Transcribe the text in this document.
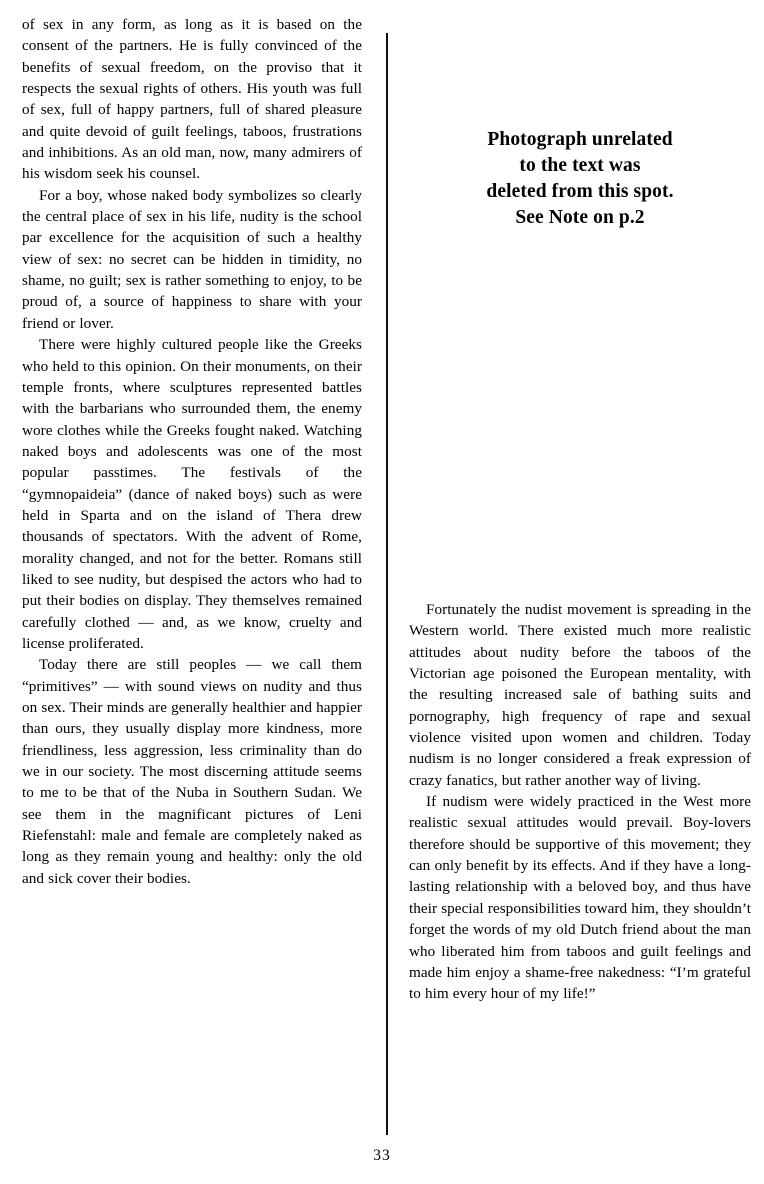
of sex in any form, as long as it is based on the consent of the partners. He is fully convinced of the benefits of sexual freedom, on the proviso that it respects the sexual rights of others. His youth was full of sex, full of happy partners, full of shared pleasure and quite devoid of guilt feelings, taboos, frustrations and inhibitions. As an old man, now, many admirers of his wisdom seek his counsel.

For a boy, whose naked body symbolizes so clearly the central place of sex in his life, nudity is the school par excellence for the acquisition of such a healthy view of sex: no secret can be hidden in timidity, no shame, no guilt; sex is rather something to enjoy, to be proud of, a source of happiness to share with your friend or lover.

There were highly cultured people like the Greeks who held to this opinion. On their monuments, on their temple fronts, where sculptures represented battles with the barbarians who surrounded them, the enemy wore clothes while the Greeks fought naked. Watching naked boys and adolescents was one of the most popular passtimes. The festivals of the “gymnopaideia” (dance of naked boys) such as were held in Sparta and on the island of Thera drew thousands of spectators. With the advent of Rome, morality changed, and not for the better. Romans still liked to see nudity, but despised the actors who had to put their bodies on display. They themselves remained carefully clothed — and, as we know, cruelty and license proliferated.

Today there are still peoples — we call them “primitives” — with sound views on nudity and thus on sex. Their minds are generally healthier and happier than ours, they usually display more kindness, more friendliness, less aggression, less criminality than do we in our society. The most discerning attitude seems to me to be that of the Nuba in Southern Sudan. We see them in the magnificant pictures of Leni Riefenstahl: male and female are completely naked as long as they remain young and healthy: only the old and sick cover their bodies.

Photograph unrelated
to the text was
deleted from this spot.
See Note on p.2

Fortunately the nudist movement is spreading in the Western world. There existed much more realistic attitudes about nudity before the taboos of the Victorian age poisoned the European mentality, with the resulting increased sale of bathing suits and pornography, high frequency of rape and sexual violence visited upon women and children. Today nudism is no longer considered a freak expression of crazy fanatics, but rather another way of living.

If nudism were widely practiced in the West more realistic sexual attitudes would prevail. Boy-lovers therefore should be supportive of this movement; they can only benefit by its effects. And if they have a long-lasting relationship with a beloved boy, and thus have their special responsibilities toward him, they shouldn’t forget the words of my old Dutch friend about the man who liberated him from taboos and guilt feelings and made him enjoy a shame-free nakedness: “I’m grateful to him every hour of my life!”

33
